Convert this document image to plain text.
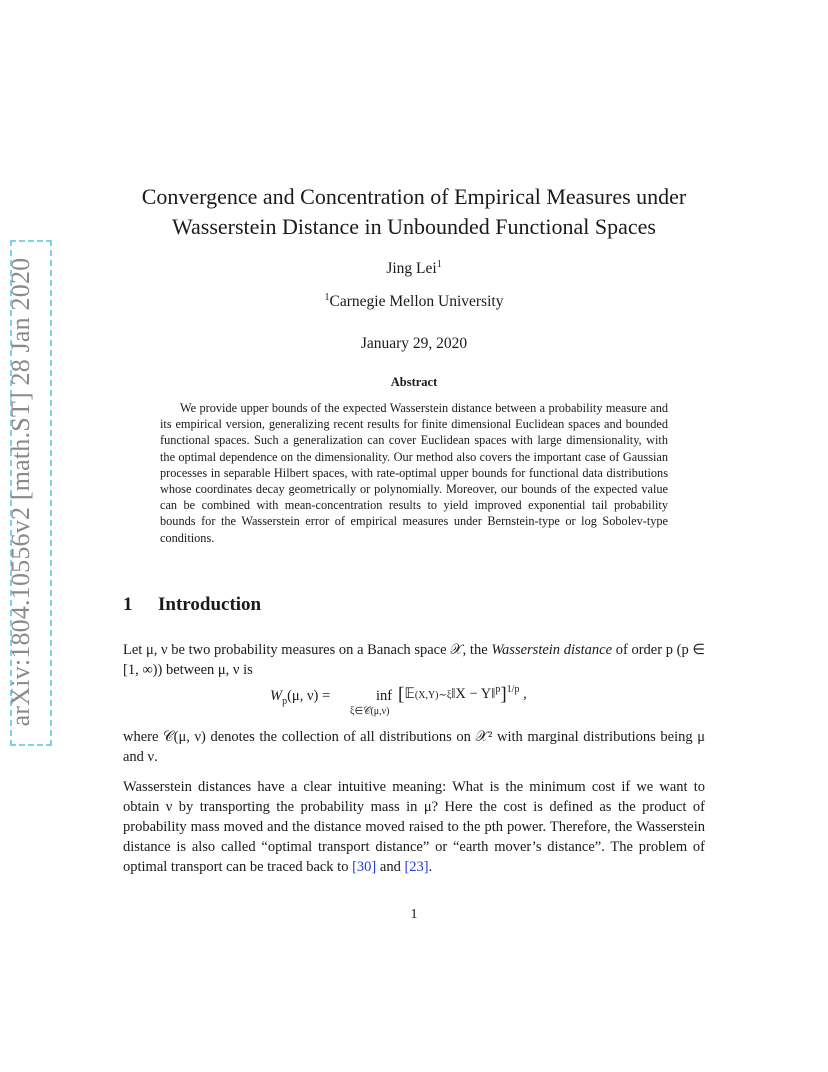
arXiv:1804.10556v2 [math.ST] 28 Jan 2020
Convergence and Concentration of Empirical Measures under
Wasserstein Distance in Unbounded Functional Spaces
Jing Lei$^1$
$^1$Carnegie Mellon University
January 29, 2020
Abstract
We provide upper bounds of the expected Wasserstein distance between a probability measure and its empirical version, generalizing recent results for finite dimensional Euclidean spaces and bounded functional spaces. Such a generalization can cover Euclidean spaces with large dimensionality, with the optimal dependence on the dimensionality. Our method also covers the important case of Gaussian processes in separable Hilbert spaces, with rate-optimal upper bounds for functional data distributions whose coordinates decay geometrically or polynomially. Moreover, our bounds of the expected value can be combined with mean-concentration results to yield improved exponential tail probability bounds for the Wasserstein error of empirical measures under Bernstein-type or log Sobolev-type conditions.
1 Introduction
Let μ, ν be two probability measures on a Banach space 𝒳, the Wasserstein distance of order p (p ∈ [1, ∞)) between μ, ν is
$W_p(\mu$, ν) =	inf
ξ∈𝒞(μ,ν)
[𝔼(X,Y)∼ξ‖X − Y‖$^p$]$^{1/p}$ ,
where 𝒞(μ, ν) denotes the collection of all distributions on 𝒳² with marginal distributions being μ and ν.
Wasserstein distances have a clear intuitive meaning: What is the minimum cost if we want to obtain ν by transporting the probability mass in μ? Here the cost is defined as the product of probability mass moved and the distance moved raised to the pth power. Therefore, the Wasserstein distance is also called “optimal transport distance” or “earth mover’s distance”. The problem of optimal transport can be traced back to [30] and [23].
1
